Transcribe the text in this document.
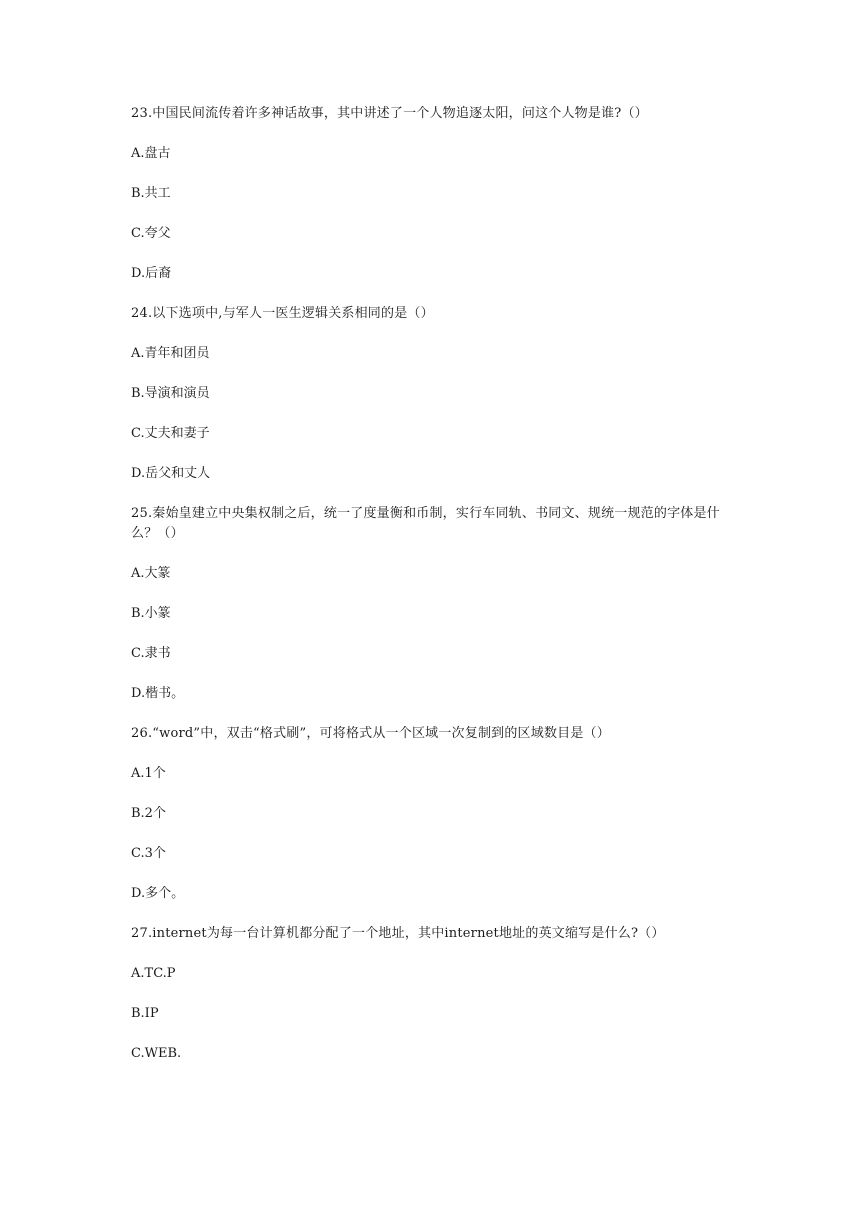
23.中国民间流传着许多神话故事，其中讲述了一个人物追逐太阳，问这个人物是谁?（）
A.盘古
B.共工
C.夸父
D.后裔
24.以下选项中,与军人一医生逻辑关系相同的是（）
A.青年和团员
B.导演和演员
C.丈夫和妻子
D.岳父和丈人
25.秦始皇建立中央集权制之后，统一了度量衡和币制，实行车同轨、书同文、规统一规范的字体是什么？（）
A.大篆
B.小篆
C.隶书
D.楷书。
26.“word”中，双击“格式刷”，可将格式从一个区域一次复制到的区域数目是（）
A.1个
B.2个
C.3个
D.多个。
27.internet为每一台计算机都分配了一个地址，其中internet地址的英文缩写是什么?（）
A.TC.P
B.IP
C.WEB.
